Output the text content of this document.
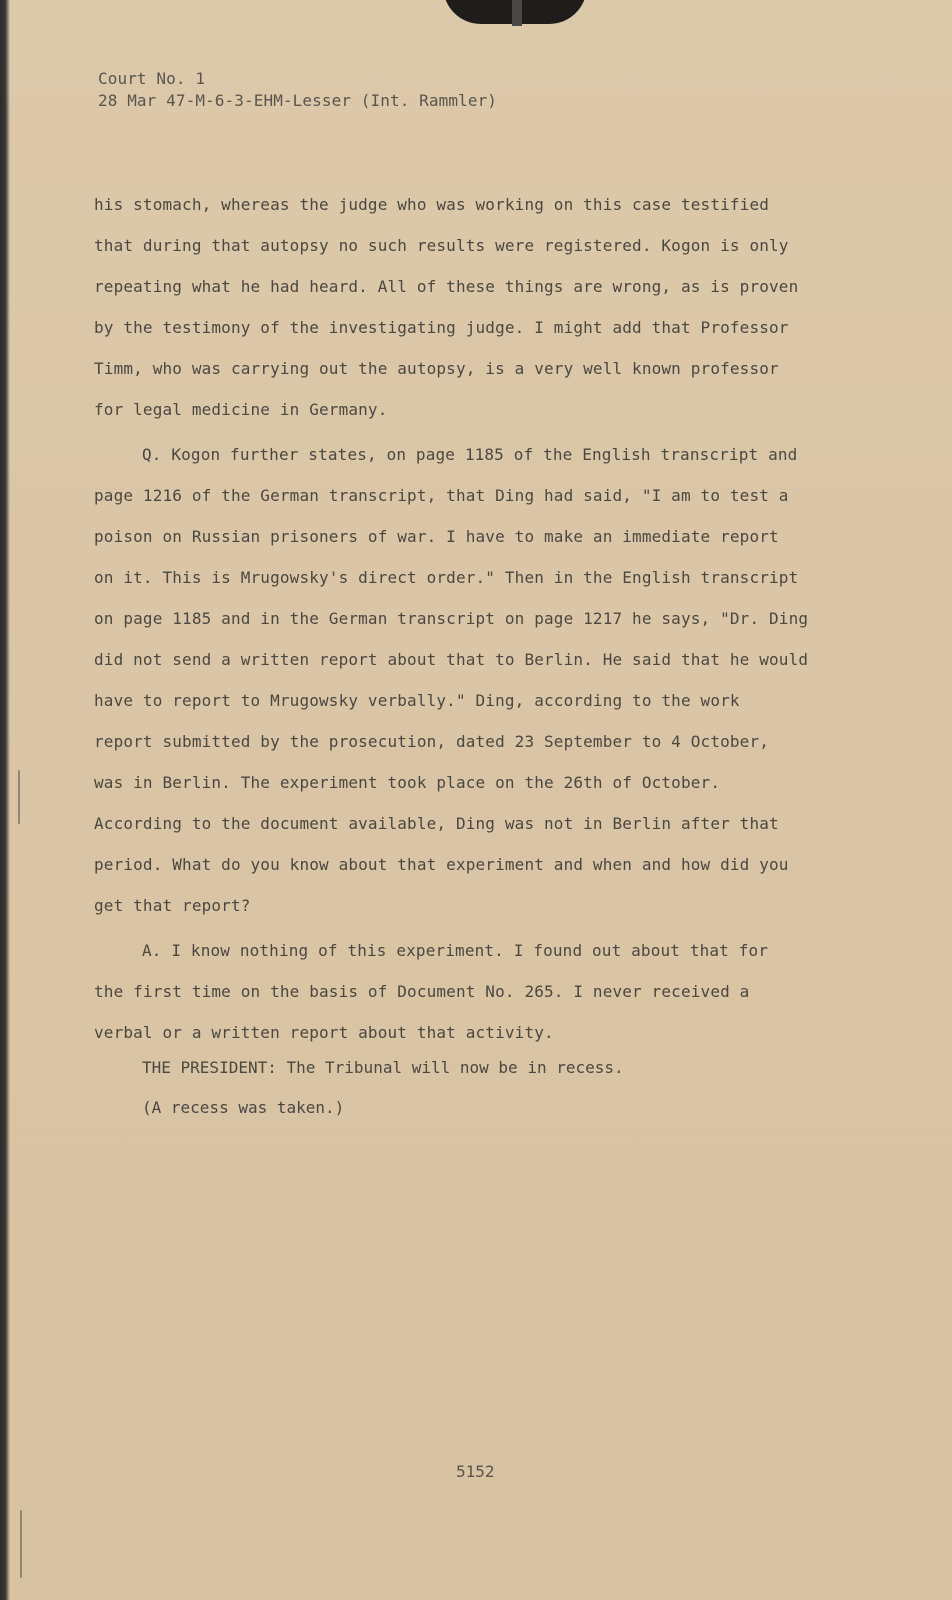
Court No. 1
28 Mar 47-M-6-3-EHM-Lesser (Int. Rammler)
his stomach, whereas the judge who was working on this case testified
that during that autopsy no such results were registered. Kogon is only
repeating what he had heard. All of these things are wrong, as is proven
by the testimony of the investigating judge. I might add that Professor
Timm, who was carrying out the autopsy, is a very well known professor
for legal medicine in Germany.
Q. Kogon further states, on page 1185 of the English transcript and
page 1216 of the German transcript, that Ding had said, "I am to test a
poison on Russian prisoners of war. I have to make an immediate report
on it. This is Mrugowsky's direct order." Then in the English transcript
on page 1185 and in the German transcript on page 1217 he says, "Dr. Ding
did not send a written report about that to Berlin. He said that he would
have to report to Mrugowsky verbally." Ding, according to the work
report submitted by the prosecution, dated 23 September to 4 October,
was in Berlin. The experiment took place on the 26th of October.
According to the document available, Ding was not in Berlin after that
period. What do you know about that experiment and when and how did you
get that report?
A. I know nothing of this experiment. I found out about that for
the first time on the basis of Document No. 265. I never received a
verbal or a written report about that activity.
THE PRESIDENT: The Tribunal will now be in recess.
(A recess was taken.)
5152
